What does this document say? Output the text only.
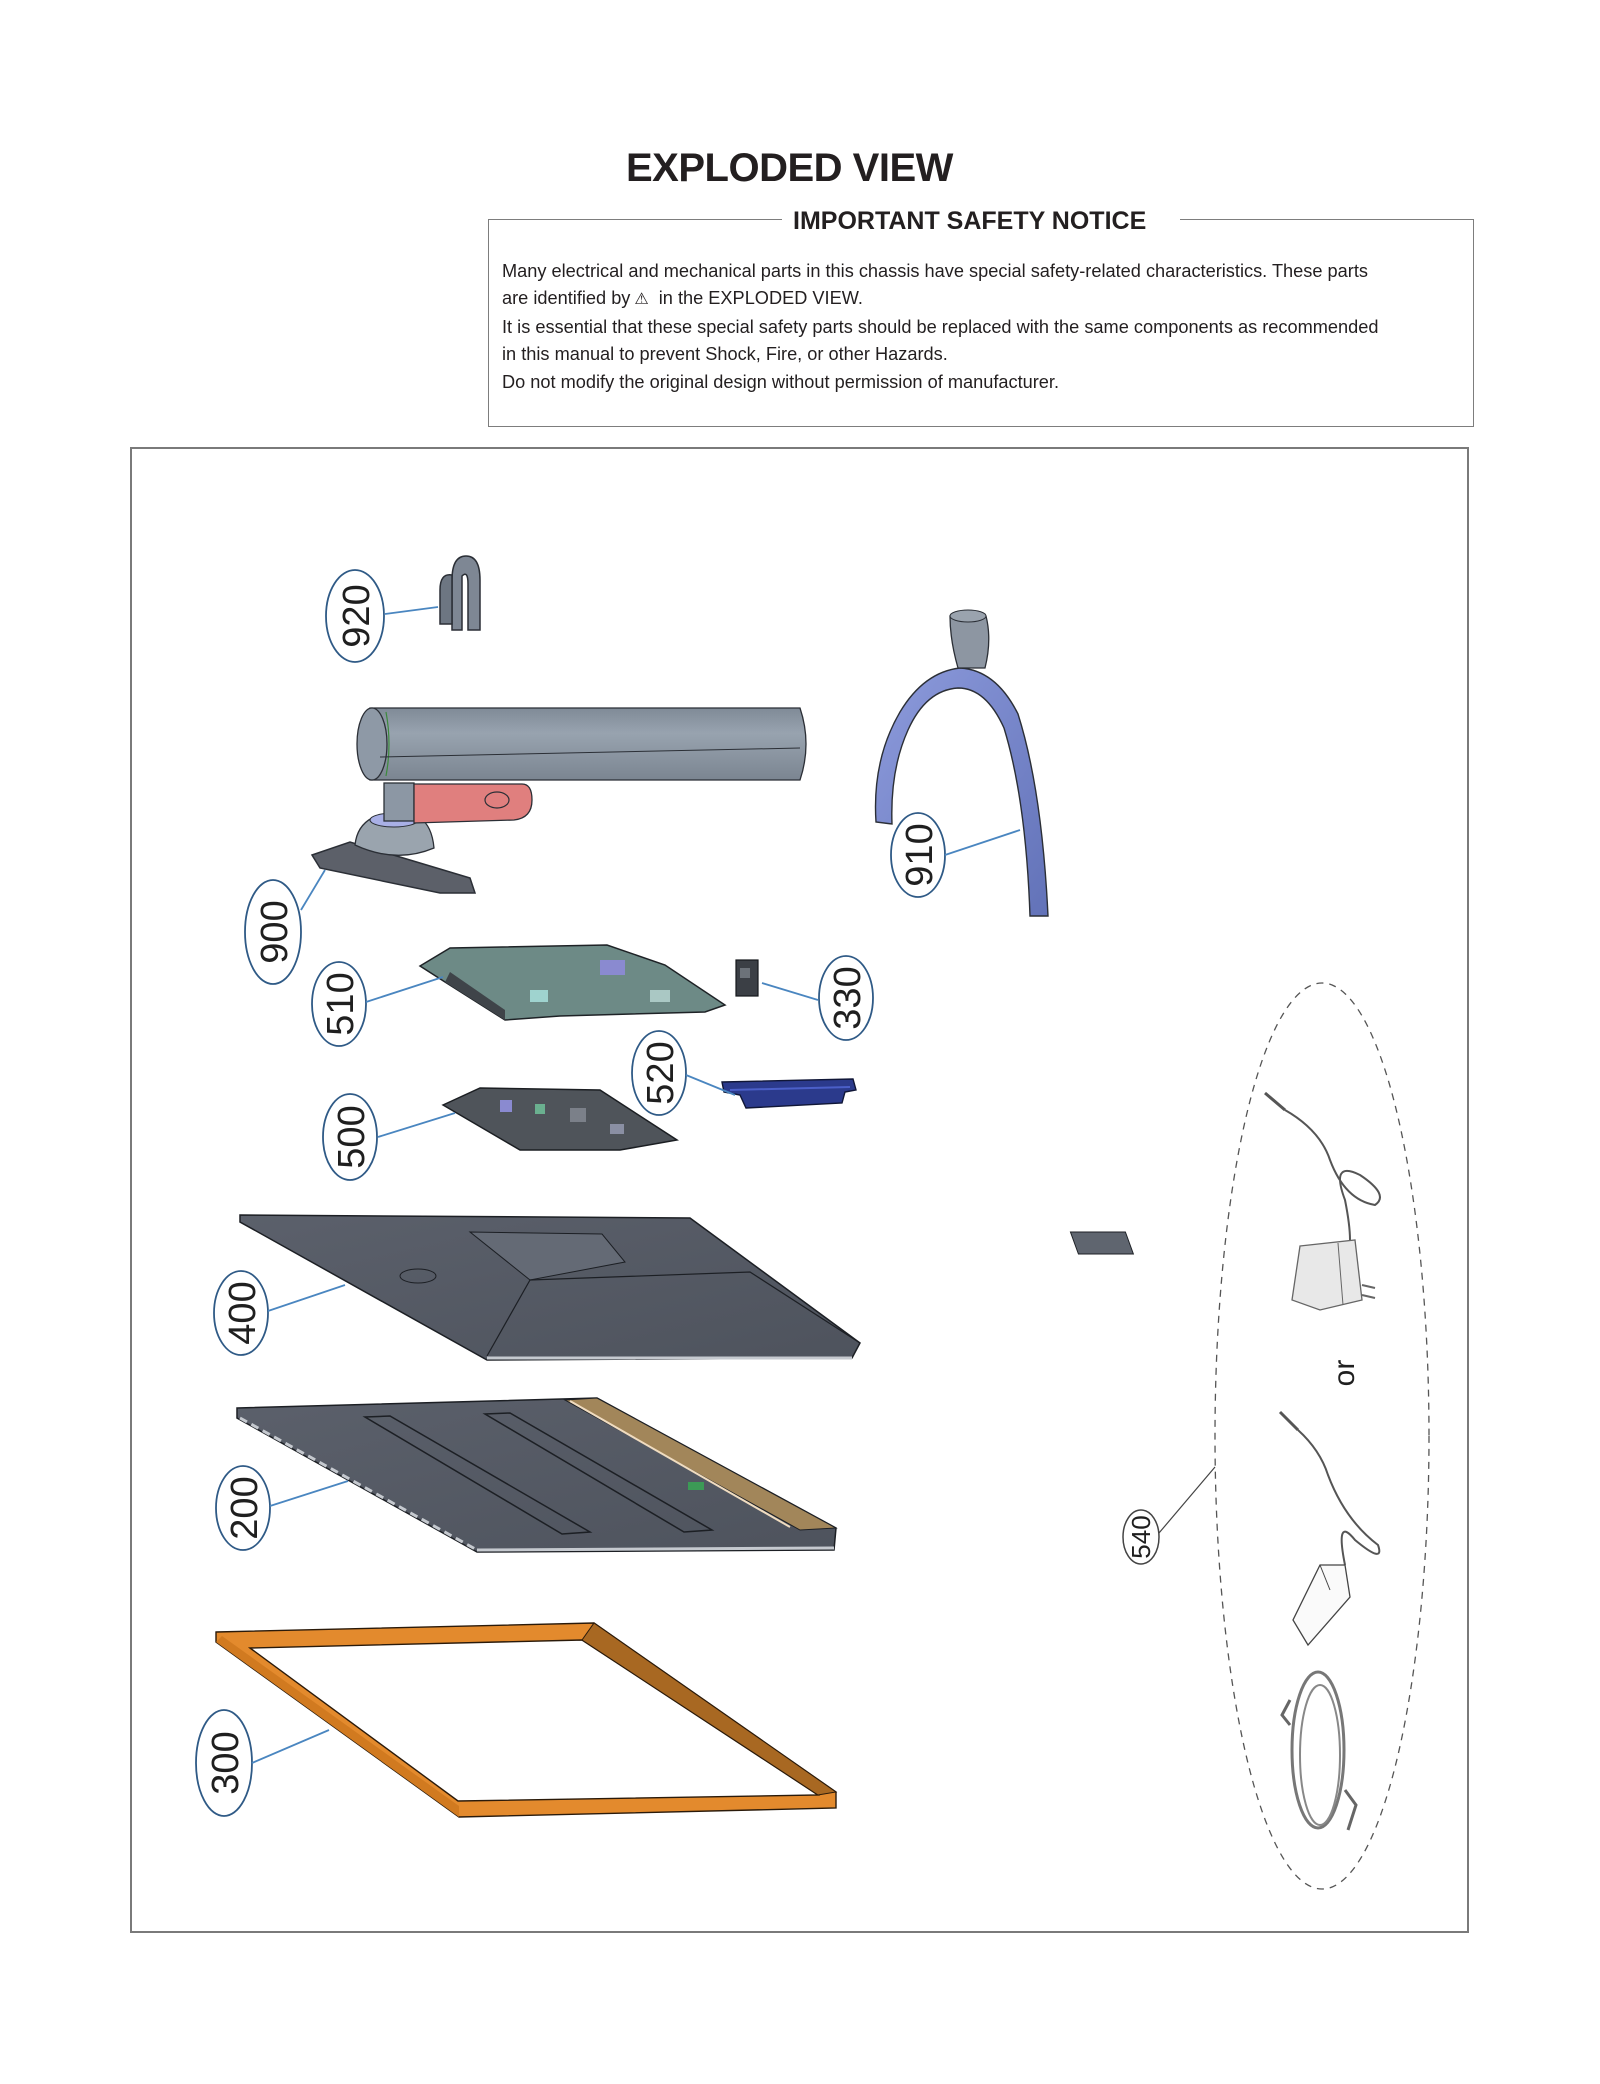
EXPLODED VIEW
IMPORTANT SAFETY NOTICE

Many electrical and mechanical parts in this chassis have special safety-related characteristics. These parts

are identified by ⚠ in the EXPLODED VIEW.

It is essential that these special safety parts should be replaced with the same components as recommended

in this manual to prevent Shock, Fire, or other Hazards.

Do not modify the original design without permission of manufacturer.

920
900
910
510	330
520
500
400
200
300
or
540
